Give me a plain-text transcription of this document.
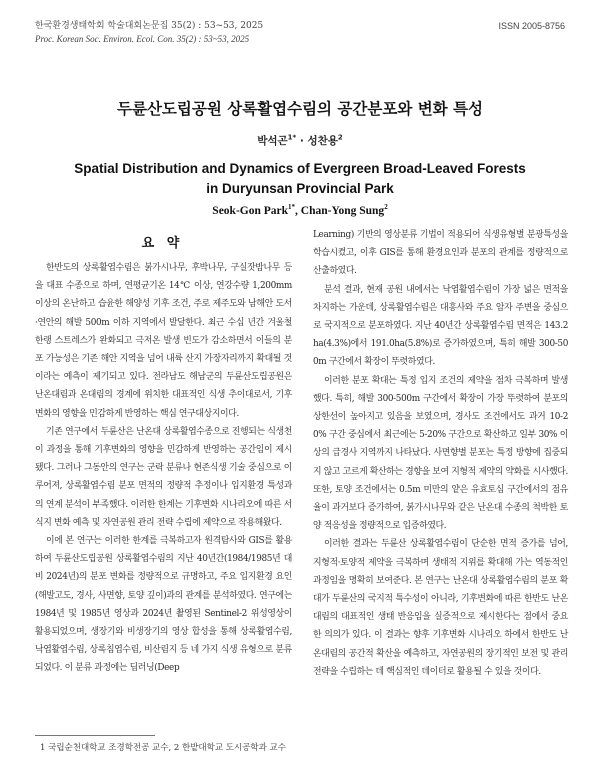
한국환경생태학회 학술대회논문집 35(2) : 53~53, 2025	ISSN 2005-8756
Proc. Korean Soc. Environ. Ecol. Con. 35(2) : 53~53, 2025
두륜산도립공원 상록활엽수림의 공간분포와 변화 특성
박석곤$^{1*}$ · 성찬용$^2$
Spatial Distribution and Dynamics of Evergreen Broad-Leaved Forests
in Duryunsan Provincial Park
Seok-Gon Park$^{1*}$, Chan-Yong Sung$^2$
요 약

한반도의 상록활엽수림은 붉가시나무, 후박나무, 구실잣밤나무 등을 대표 수종으로 하며, 연평균기온 14℃ 이상, 연강수량 1,200mm이상의 온난하고 습윤한 해양성 기후 조건, 주로 제주도와 남해안 도서·연안의 해발 500m 이하 지역에서 발달한다. 최근 수십 년간 겨울철 한랭 스트레스가 완화되고 극저온 발생 빈도가 감소하면서 이들의 분포 가능성은 기존 해안 지역을 넘어 내륙 산지 가장자리까지 확대될 것이라는 예측이 제기되고 있다. 전라남도 해남군의 두륜산도립공원은 난온대림과 온대림의 경계에 위치한 대표적인 식생 추이대로서, 기후변화의 영향을 민감하게 반영하는 핵심 연구대상지이다.

기존 연구에서 두륜산은 난온대 상록활엽수종으로 진행되는 식생천이 과정을 통해 기후변화의 영향을 민감하게 반영하는 공간임이 제시됐다. 그러나 그동안의 연구는 군락 분류나 현존식생 기술 중심으로 이루어져, 상록활엽수림 분포 면적의 정량적 추정이나 입지환경 특성과의 연계 분석이 부족했다. 이러한 한계는 기후변화 시나리오에 따른 서식지 변화 예측 및 자연공원 관리 전략 수립에 제약으로 작용해왔다.

이에 본 연구는 이러한 한계를 극복하고자 원격탐사와 GIS를 활용하여 두륜산도립공원 상록활엽수림의 지난 40년간(1984/1985년 대비 2024년)의 분포 변화를 정량적으로 규명하고, 주요 입지환경 요인(해발고도, 경사, 사면향, 토양 깊이)과의 관계를 분석하였다. 연구에는 1984년 및 1985년 영상과 2024년 촬영된 Sentinel-2 위성영상이 활용되었으며, 생장기와 비생장기의 영상 합성을 통해 상록활엽수림, 낙엽활엽수림, 상록침엽수림, 비산림지 등 네 가지 식생 유형으로 분류되었다. 이 분류 과정에는 딥러닝(Deep

Learning) 기반의 영상분류 기법이 적용되어 식생유형별 분광특성을 학습시켰고, 이후 GIS를 통해 환경요인과 분포의 관계를 정량적으로 산출하였다.

분석 결과, 현재 공원 내에서는 낙엽활엽수림이 가장 넓은 면적을 차지하는 가운데, 상록활엽수림은 대흥사와 주요 암자 주변을 중심으로 국지적으로 분포하였다. 지난 40년간 상록활엽수림 면적은 143.2ha(4.3%)에서 191.0ha(5.8%)로 증가하였으며, 특히 해발 300-500m 구간에서 확장이 뚜렷하였다.

이러한 분포 확대는 특정 입지 조건의 제약을 점차 극복하며 발생했다. 특히, 해발 300-500m 구간에서 확장이 가장 뚜렷하여 분포의 상한선이 높아지고 있음을 보였으며, 경사도 조건에서도 과거 10-20% 구간 중심에서 최근에는 5-20% 구간으로 확산하고 일부 30% 이상의 급경사 지역까지 나타났다. 사면향별 분포는 특정 방향에 집중되지 않고 고르게 확산하는 경향을 보여 지형적 제약의 약화를 시사했다. 또한, 토양 조건에서는 0.5m 미만의 얕은 유효토심 구간에서의 점유율이 과거보다 증가하여, 붉가시나무와 같은 난온대 수종의 척박한 토양 적응성을 정량적으로 입증하였다.

이러한 결과는 두륜산 상록활엽수림이 단순한 면적 증가를 넘어, 지형적·토양적 제약을 극복하며 생태적 지위를 확대해 가는 역동적인 과정임을 명확히 보여준다. 본 연구는 난온대 상록활엽수림의 분포 확대가 두륜산의 국지적 특수성이 아니라, 기후변화에 따른 한반도 난온대림의 대표적인 생태 반응임을 실증적으로 제시한다는 점에서 중요한 의의가 있다. 이 결과는 향후 기후변화 시나리오 하에서 한반도 난온대림의 공간적 확산을 예측하고, 자연공원의 장기적인 보전 및 관리 전략을 수립하는 데 핵심적인 데이터로 활용될 수 있을 것이다.

1 국립순천대학교 조경학전공 교수, 2 한밭대학교 도시공학과 교수
